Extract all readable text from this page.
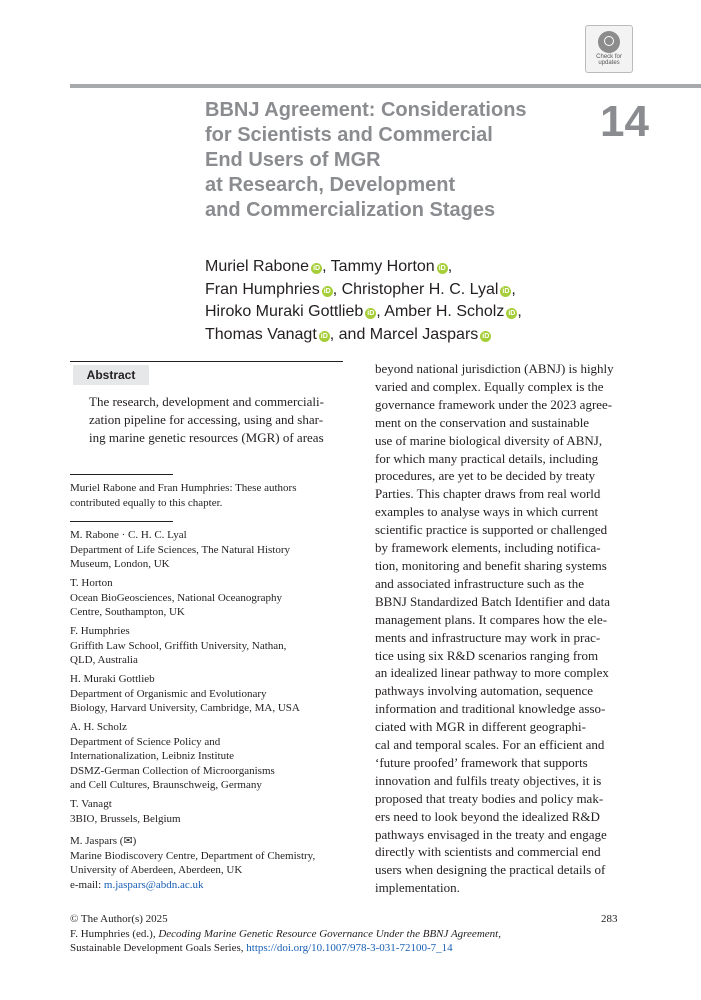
Check for
updates
BBNJ Agreement: Considerations
for Scientists and Commercial
End Users of MGR
at Research, Development
and Commercialization Stages
14
Muriel Rabone iD , Tammy Horton iD ,
Fran Humphries iD , Christopher H. C. Lyal iD ,
Hiroko Muraki Gottlieb iD , Amber H. Scholz iD ,
Thomas Vanagt iD , and Marcel Jaspars iD
Abstract
The research, development and commerciali-
zation pipeline for accessing, using and shar-
ing marine genetic resources (MGR) of areas
beyond national jurisdiction (ABNJ) is highly
varied and complex. Equally complex is the
governance framework under the 2023 agree-
ment on the conservation and sustainable
use of marine biological diversity of ABNJ,
for which many practical details, including
procedures, are yet to be decided by treaty
Parties. This chapter draws from real world
examples to analyse ways in which current
scientific practice is supported or challenged
by framework elements, including notifica-
tion, monitoring and benefit sharing systems
and associated infrastructure such as the
BBNJ Standardized Batch Identifier and data
management plans. It compares how the ele-
ments and infrastructure may work in prac-
tice using six R&D scenarios ranging from
an idealized linear pathway to more complex
pathways involving automation, sequence
information and traditional knowledge asso-
ciated with MGR in different geographi-
cal and temporal scales. For an efficient and
‘future proofed’ framework that supports
innovation and fulfils treaty objectives, it is
proposed that treaty bodies and policy mak-
ers need to look beyond the idealized R&D
pathways envisaged in the treaty and engage
directly with scientists and commercial end
users when designing the practical details of
implementation.
Muriel Rabone and Fran Humphries: These authors
contributed equally to this chapter.
M. Rabone · C. H. C. Lyal
Department of Life Sciences, The Natural History
Museum, London, UK
T. Horton
Ocean BioGeosciences, National Oceanography
Centre, Southampton, UK
F. Humphries
Griffith Law School, Griffith University, Nathan,
QLD, Australia
H. Muraki Gottlieb
Department of Organismic and Evolutionary
Biology, Harvard University, Cambridge, MA, USA
A. H. Scholz
Department of Science Policy and
Internationalization, Leibniz Institute
DSMZ-German Collection of Microorganisms
and Cell Cultures, Braunschweig, Germany
T. Vanagt
3BIO, Brussels, Belgium
M. Jaspars (✉)
Marine Biodiscovery Centre, Department of Chemistry,
University of Aberdeen, Aberdeen, UK
e-mail: m.jaspars@abdn.ac.uk
© The Author(s) 2025
F. Humphries (ed.), Decoding Marine Genetic Resource Governance Under the BBNJ Agreement,
Sustainable Development Goals Series, https://doi.org/10.1007/978-3-031-72100-7_14
283
